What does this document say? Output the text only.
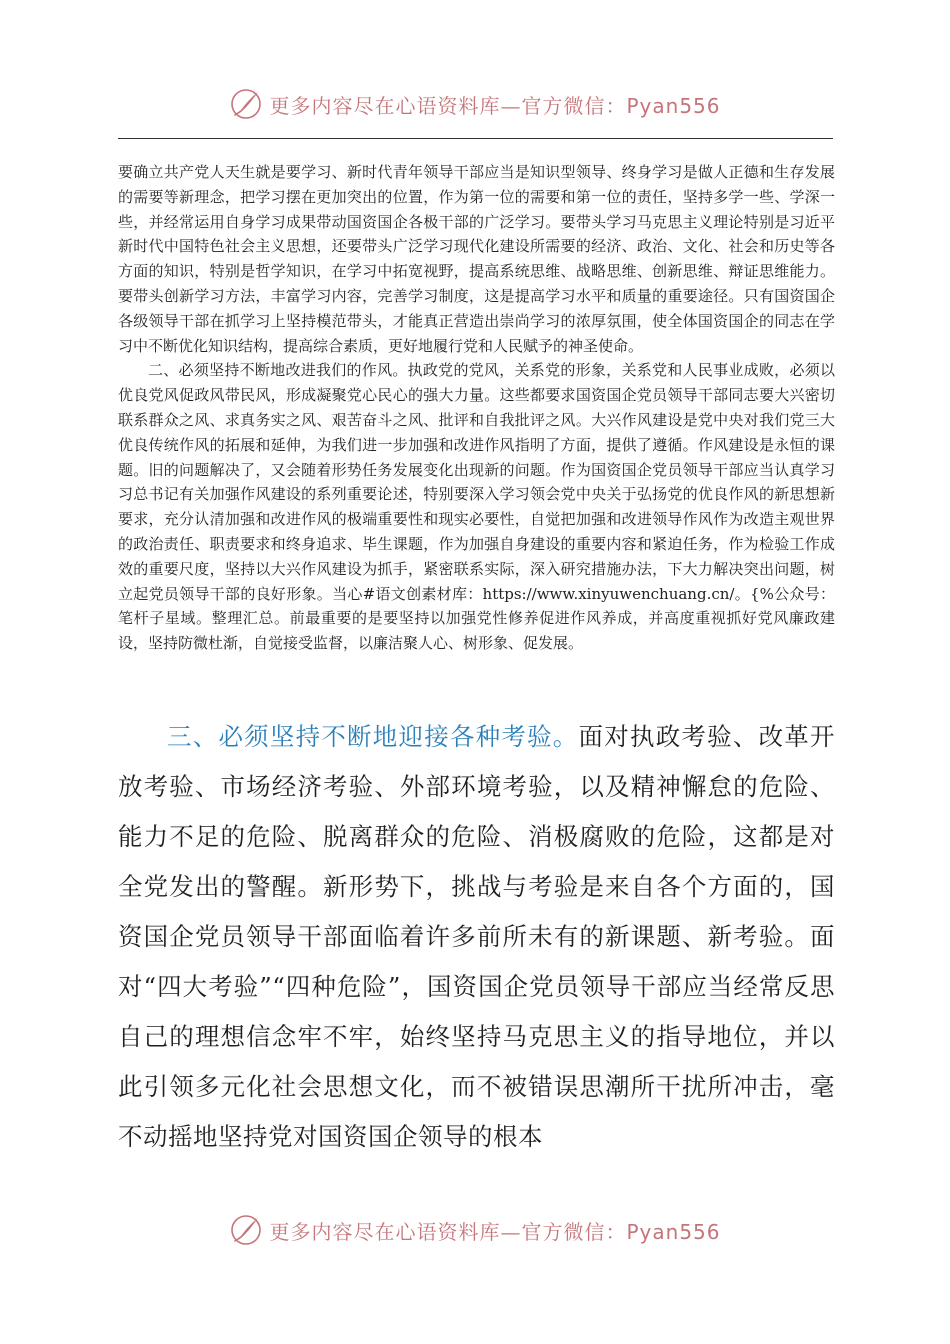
更多内容尽在心语资料库—官方微信：Pyan556

要确立共产党人天生就是要学习、新时代青年领导干部应当是知识型领导、终身学习是做人正德和生存发展的需要等新理念，把学习摆在更加突出的位置，作为第一位的需要和第一位的责任，坚持多学一些、学深一些，并经常运用自身学习成果带动国资国企各极干部的广泛学习。要带头学习马克思主义理论特别是习近平新时代中国特色社会主义思想，还要带头广泛学习现代化建设所需要的经济、政治、文化、社会和历史等各方面的知识，特别是哲学知识，在学习中拓宽视野，提高系统思维、战略思维、创新思维、辩证思维能力。要带头创新学习方法，丰富学习内容，完善学习制度，这是提高学习水平和质量的重要途径。只有国资国企各级领导干部在抓学习上坚持模范带头，才能真正营造出崇尚学习的浓厚氛围，使全体国资国企的同志在学习中不断优化知识结构，提高综合素质，更好地履行党和人民赋予的神圣使命。

二、必须坚持不断地改进我们的作风。执政党的党风，关系党的形象，关系党和人民事业成败，必须以优良党风促政风带民风，形成凝聚党心民心的强大力量。这些都要求国资国企党员领导干部同志要大兴密切联系群众之风、求真务实之风、艰苦奋斗之风、批评和自我批评之风。大兴作风建设是党中央对我们党三大优良传统作风的拓展和延伸，为我们进一步加强和改进作风指明了方面，提供了遵循。作风建设是永恒的课题。旧的问题解决了，又会随着形势任务发展变化出现新的问题。作为国资国企党员领导干部应当认真学习习总书记有关加强作风建设的系列重要论述，特别要深入学习领会党中央关于弘扬党的优良作风的新思想新要求，充分认清加强和改进作风的极端重要性和现实必要性，自觉把加强和改进领导作风作为改造主观世界的政治责任、职责要求和终身追求、毕生课题，作为加强自身建设的重要内容和紧迫任务，作为检验工作成效的重要尺度，坚持以大兴作风建设为抓手，紧密联系实际，深入研究措施办法，下大力解决突出问题，树立起党员领导干部的良好形象。当心#语文创素材库：https://www.xinyuwenchuang.cn/。{%公众号：笔杆子星域。整理汇总。前最重要的是要坚持以加强党性修养促进作风养成，并高度重视抓好党风廉政建设，坚持防微杜渐，自觉接受监督，以廉洁聚人心、树形象、促发展。

三、必须坚持不断地迎接各种考验。面对执政考验、改革开放考验、市场经济考验、外部环境考验，以及精神懈怠的危险、能力不足的危险、脱离群众的危险、消极腐败的危险，这都是对全党发出的警醒。新形势下，挑战与考验是来自各个方面的，国资国企党员领导干部面临着许多前所未有的新课题、新考验。面对“四大考验”“四种危险”，国资国企党员领导干部应当经常反思自己的理想信念牢不牢，始终坚持马克思主义的指导地位，并以此引领多元化社会思想文化，而不被错误思潮所干扰所冲击，毫不动摇地坚持党对国资国企领导的根本

更多内容尽在心语资料库—官方微信：Pyan556
